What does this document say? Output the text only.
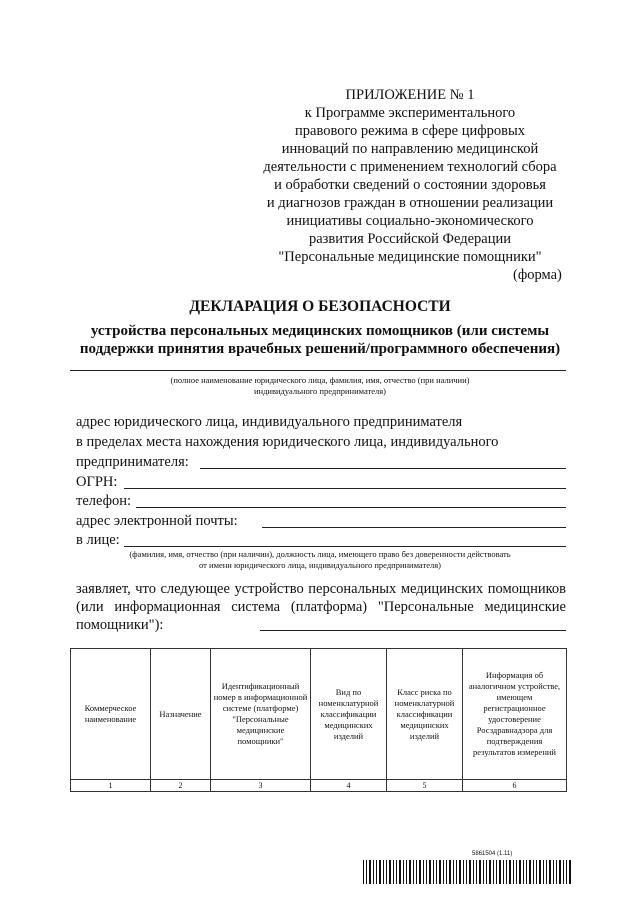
ПРИЛОЖЕНИЕ № 1
к Программе экспериментального
правового режима в сфере цифровых
инноваций по направлению медицинской
деятельности с применением технологий сбора
и обработки сведений о состоянии здоровья
и диагнозов граждан в отношении реализации
инициативы социально-экономического
развития Российской Федерации
"Персональные медицинские помощники"
(форма)
ДЕКЛАРАЦИЯ О БЕЗОПАСНОСТИ
устройства персональных медицинских помощников (или системы
поддержки принятия врачебных решений/программного обеспечения)
(полное наименование юридического лица, фамилия, имя, отчество (при наличии)
индивидуального предпринимателя)
адрес юридического лица, индивидуального предпринимателя
в пределах места нахождения юридического лица, индивидуального
предпринимателя:
ОГРН:
телефон:
адрес электронной почты:
в лице:
(фамилия, имя, отчество (при наличии), должность лица, имеющего право без доверенности действовать
от имени юридического лица, индивидуального предпринимателя)
заявляет, что следующее устройство персональных медицинских помощников (или информационная система (платформа) "Персональные медицинские помощники"):
Коммерческое наименование	Назначение	Идентификационный номер в информационной системе (платформе) "Персональные медицинские помощники"	Вид по номенклатурной классификации медицинских изделий	Класс риска по номенклатурной классификации медицинских изделий	Информация об аналогичном устройстве, имеющем регистрационное удостоверение Росздравнадзора для подтверждения результатов измерений
1	2	3	4	5	6
5861504 (1.11)
